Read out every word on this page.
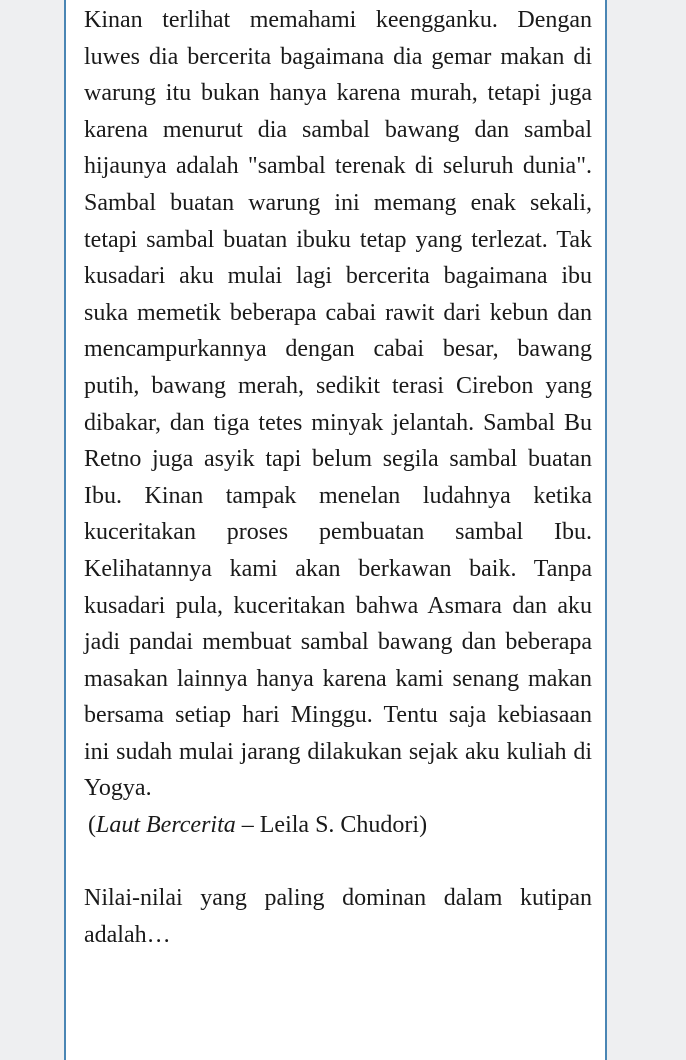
Kinan terlihat memahami keengganku. Dengan luwes dia bercerita bagaimana dia gemar makan di warung itu bukan hanya karena murah, tetapi juga karena menurut dia sambal bawang dan sambal hijaunya adalah "sambal terenak di seluruh dunia". Sambal buatan warung ini memang enak sekali, tetapi sambal buatan ibuku tetap yang terlezat. Tak kusadari aku mulai lagi bercerita bagaimana ibu suka memetik beberapa cabai rawit dari kebun dan mencampurkannya dengan cabai besar, bawang putih, bawang merah, sedikit terasi Cirebon yang dibakar, dan tiga tetes minyak jelantah. Sambal Bu Retno juga asyik tapi belum segila sambal buatan Ibu. Kinan tampak menelan ludahnya ketika kuceritakan proses pembuatan sambal Ibu. Kelihatannya kami akan berkawan baik. Tanpa kusadari pula, kuceritakan bahwa Asmara dan aku jadi pandai membuat sambal bawang dan beberapa masakan lainnya hanya karena kami senang makan bersama setiap hari Minggu. Tentu saja kebiasaan ini sudah mulai jarang dilakukan sejak aku kuliah di Yogya.

(Laut Bercerita – Leila S. Chudori)

Nilai-nilai yang paling dominan dalam kutipan adalah…
